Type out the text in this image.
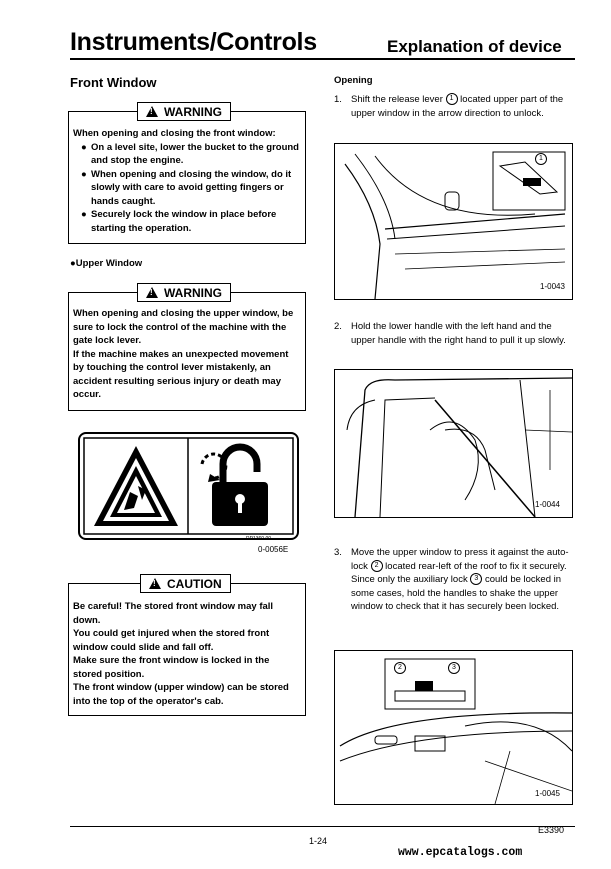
Instruments/Controls	Explanation of device
Front Window
!
WARNING

When opening and closing the front window:

● On a level site, lower the bucket to the ground and stop the engine.

● When opening and closing the window, do it slowly with care to avoid getting fingers or hands caught.

● Securely lock the window in place before starting the operation.

●Upper Window
!
WARNING

When opening and closing the upper window, be sure to lock the control of the machine with the gate lock lever.

If the machine makes an unexpected movement by touching the control lever mistakenly, an accident resulting serious injury or death may occur.

RP1360 00
0-0056E
!
CAUTION

Be careful! The stored front window may fall down.

You could get injured when the stored front window could slide and fall off.

Make sure the front window is locked in the stored position.

The front window (upper window) can be stored into the top of the operator's cab.

Opening
1. Shift the release lever 1 located upper part of the upper window in the arrow direction to unlock.
1
1-0043
2. Hold the lower handle with the left hand and the upper handle with the right hand to pull it up slowly.
1-0044
3. Move the upper window to press it against the auto-lock 2 located rear-left of the roof to fix it securely.
Since only the auxiliary lock 3 could be locked in some cases, hold the handles to shake the upper window to check that it has securely been locked.
2	3
1-0045
E3390
1-24
www.epcatalogs.com
